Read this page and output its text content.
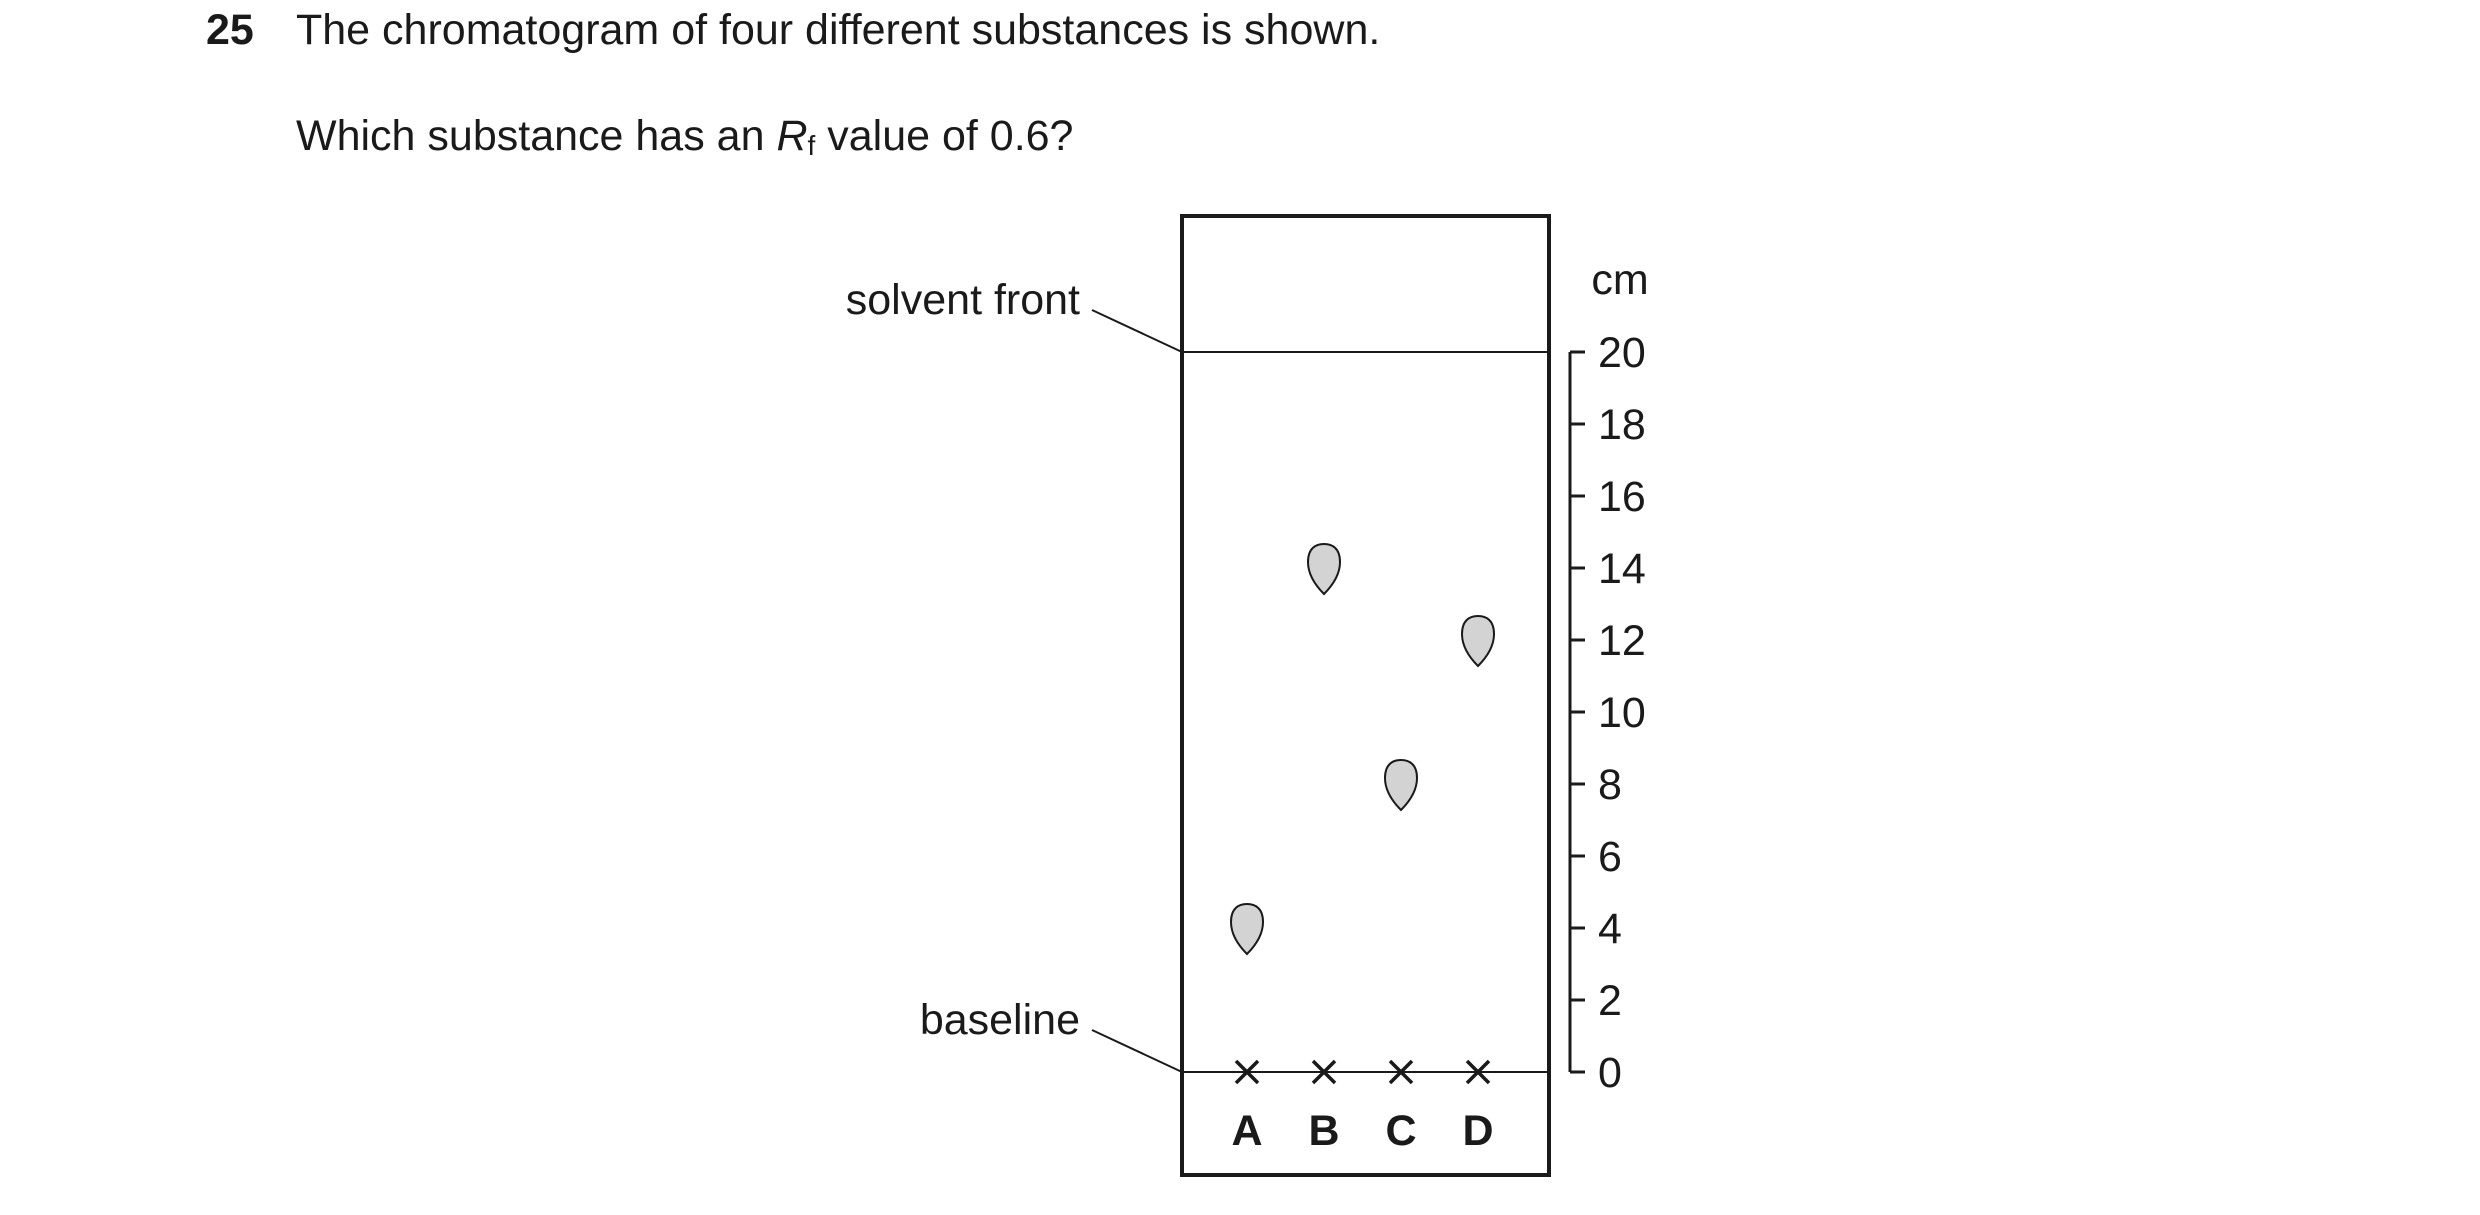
25 The chromatogram of four different substances is shown.
Which substance has an $R_f$ value of 0.6?
solvent front
baseline
cm
0
2
4
6
8
10
12
14
16
18
20
A B C D
